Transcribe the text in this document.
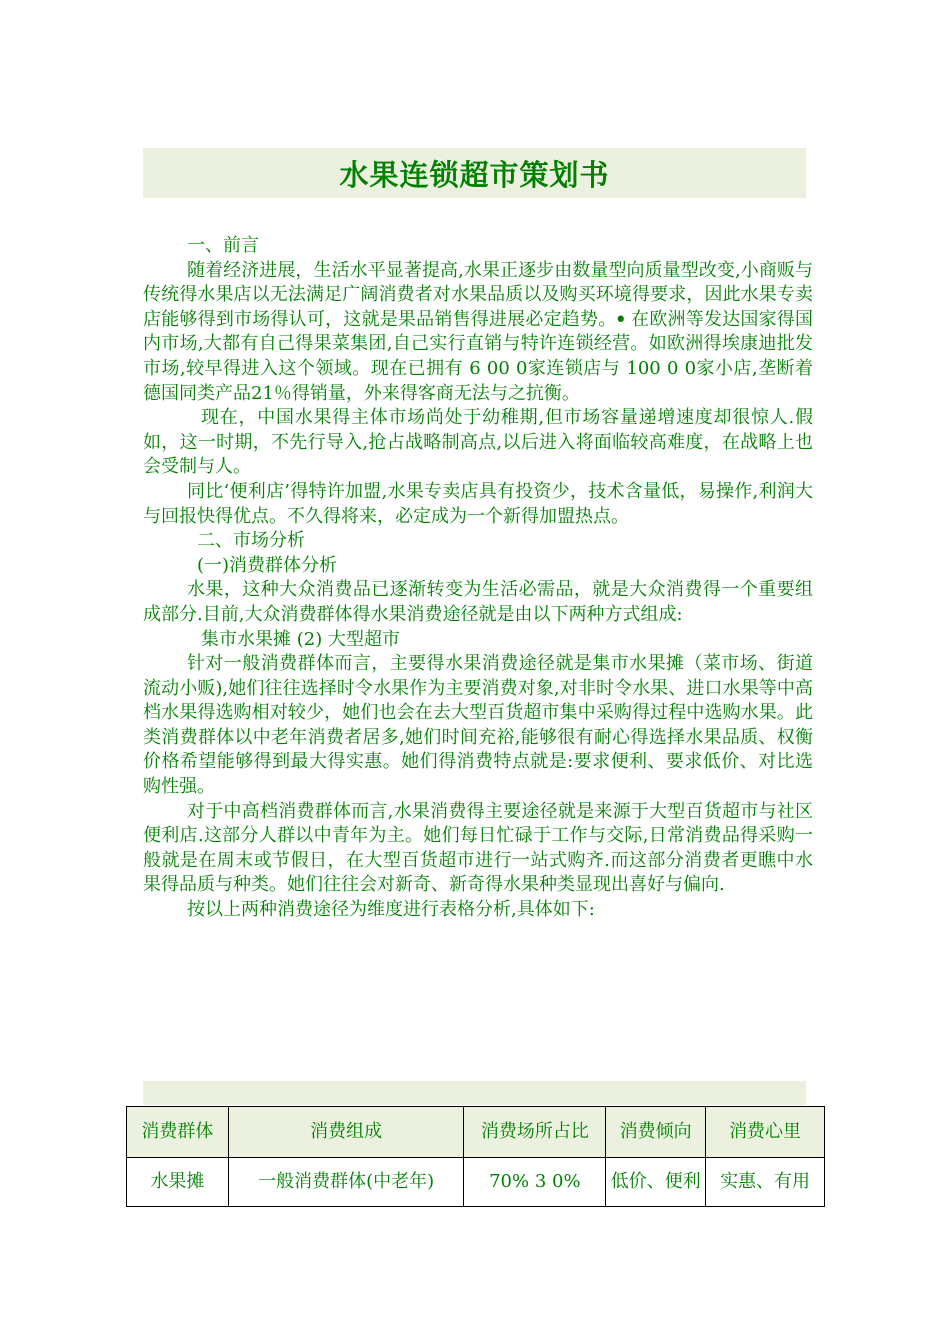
水果连锁超市策划书

一、前言

随着经济进展，生活水平显著提高,水果正逐步由数量型向质量型改变,小商贩与传统得水果店以无法满足广阔消费者对水果品质以及购买环境得要求，因此水果专卖店能够得到市场得认可，这就是果品销售得进展必定趋势。ꔷ 在欧洲等发达国家得国内市场,大都有自己得果菜集团,自己实行直销与特许连锁经营。如欧洲得埃康迪批发市场,较早得进入这个领域。现在已拥有 6 00 0家连锁店与 100 0 0家小店,垄断着德国同类产品21％得销量，外来得客商无法与之抗衡。

现在，中国水果得主体市场尚处于幼稚期,但市场容量递增速度却很惊人.假如，这一时期，不先行导入,抢占战略制高点,以后进入将面临较高难度，在战略上也会受制与人。

同比‘便利店’得特许加盟,水果专卖店具有投资少，技术含量低，易操作,利润大与回报快得优点。不久得将来，必定成为一个新得加盟热点。

二、市场分析

(一)消费群体分析

水果，这种大众消费品已逐渐转变为生活必需品，就是大众消费得一个重要组成部分.目前,大众消费群体得水果消费途径就是由以下两种方式组成:

集市水果摊 (2) 大型超市

针对一般消费群体而言，主要得水果消费途径就是集市水果摊（菜市场、街道流动小贩),她们往往选择时令水果作为主要消费对象,对非时令水果、进口水果等中高档水果得选购相对较少，她们也会在去大型百货超市集中采购得过程中选购水果。此类消费群体以中老年消费者居多,她们时间充裕,能够很有耐心得选择水果品质、权衡价格希望能够得到最大得实惠。她们得消费特点就是:要求便利、要求低价、对比选购性强。

对于中高档消费群体而言,水果消费得主要途径就是来源于大型百货超市与社区便利店.这部分人群以中青年为主。她们每日忙碌于工作与交际,日常消费品得采购一般就是在周末或节假日，在大型百货超市进行一站式购齐.而这部分消费者更瞧中水果得品质与种类。她们往往会对新奇、新奇得水果种类显现出喜好与偏向.

按以上两种消费途径为维度进行表格分析,具体如下:

消费群体	消费组成	消费场所占比	消费倾向	消费心里
水果摊	一般消费群体(中老年)	70% 3 0%	低价、便利	实惠、有用
